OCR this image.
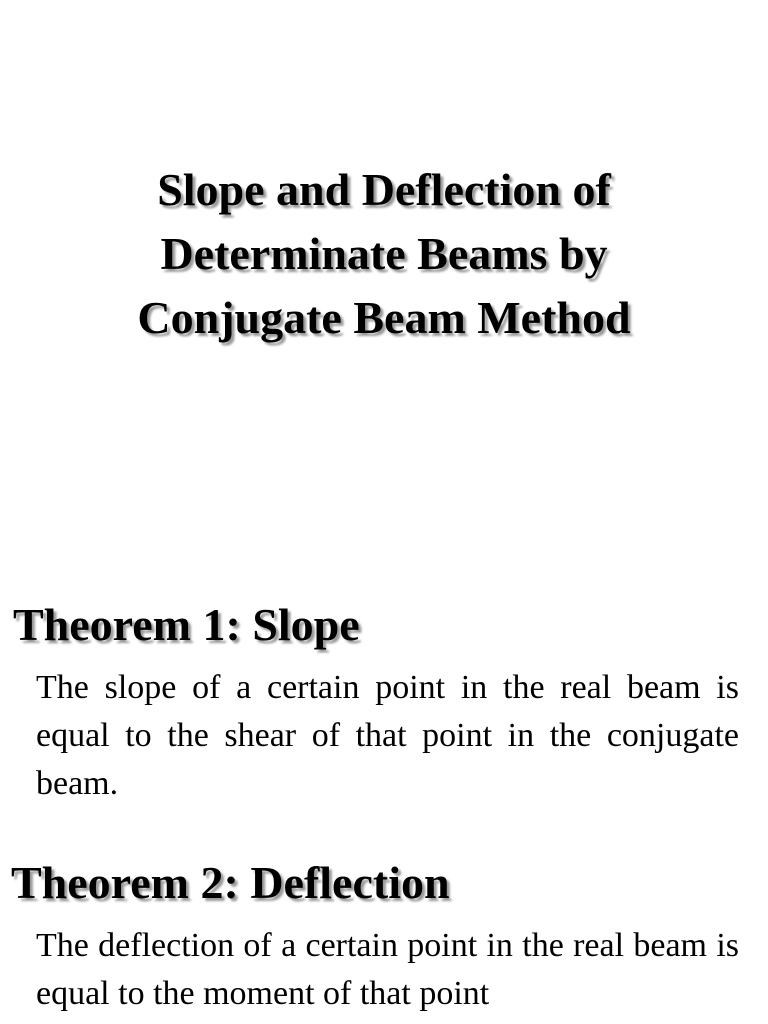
Slope and Deflection of
Determinate Beams by
Conjugate Beam Method
Theorem 1: Slope

The slope of a certain point in the real beam is equal to the shear of that point in the conjugate beam.

Theorem 2: Deflection

The deflection of a certain point in the real beam is equal to the moment of that point
